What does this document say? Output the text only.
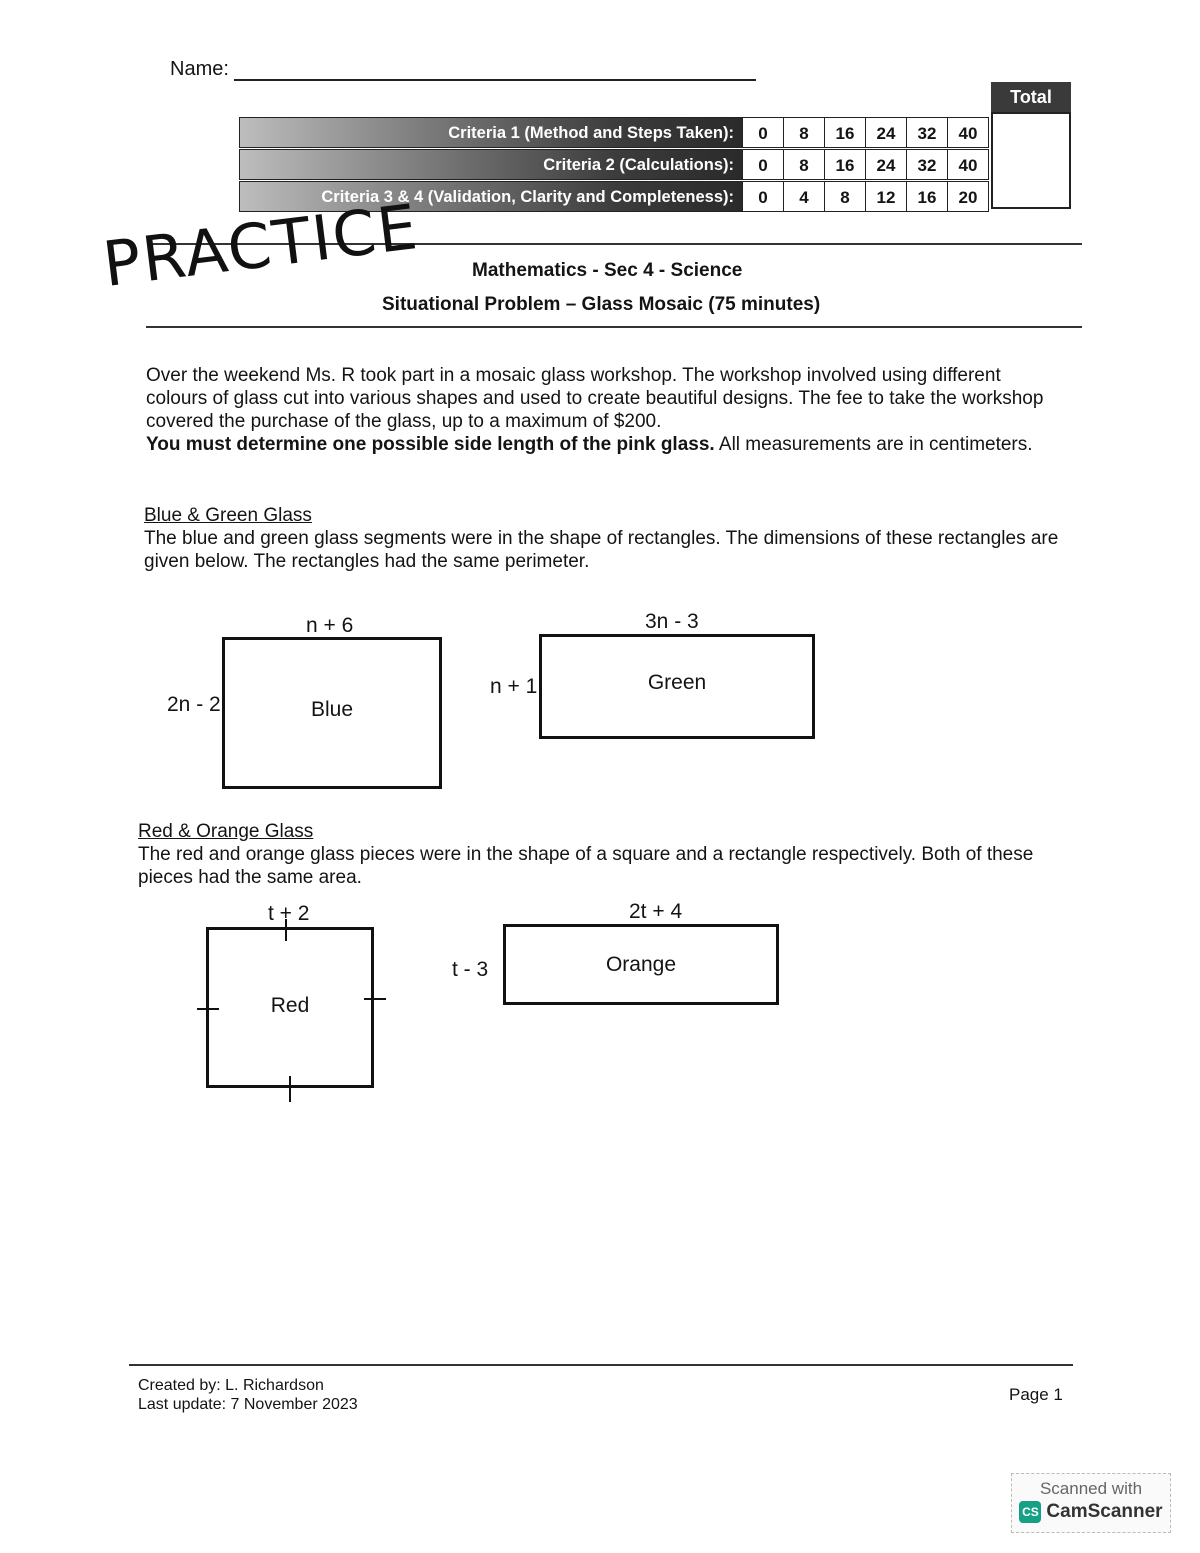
Name:
Total
Criteria 1 (Method and Steps Taken):	0	8	16	24	32	40
Criteria 2 (Calculations):	0	8	16	24	32	40
Criteria 3 & 4 (Validation, Clarity and Completeness):	0	4	8	12	16	20
PRACTICE	Mathematics - Sec 4 - Science
Situational Problem – Glass Mosaic (75 minutes)
Over the weekend Ms. R took part in a mosaic glass workshop. The workshop involved using different colours of glass cut into various shapes and used to create beautiful designs. The fee to take the workshop covered the purchase of the glass, up to a maximum of $200.
You must determine one possible side length of the pink glass. All measurements are in centimeters.
Blue & Green Glass
The blue and green glass segments were in the shape of rectangles. The dimensions of these rectangles are given below. The rectangles had the same perimeter.
n + 6
2n - 2	Blue
3n - 3
n + 1	Green
Red & Orange Glass
The red and orange glass pieces were in the shape of a square and a rectangle respectively. Both of these pieces had the same area.
t + 2
Red
2t + 4
t - 3	Orange
Created by: L. Richardson
Last update: 7 November 2023
Page 1
Scanned with
CS CamScanner
